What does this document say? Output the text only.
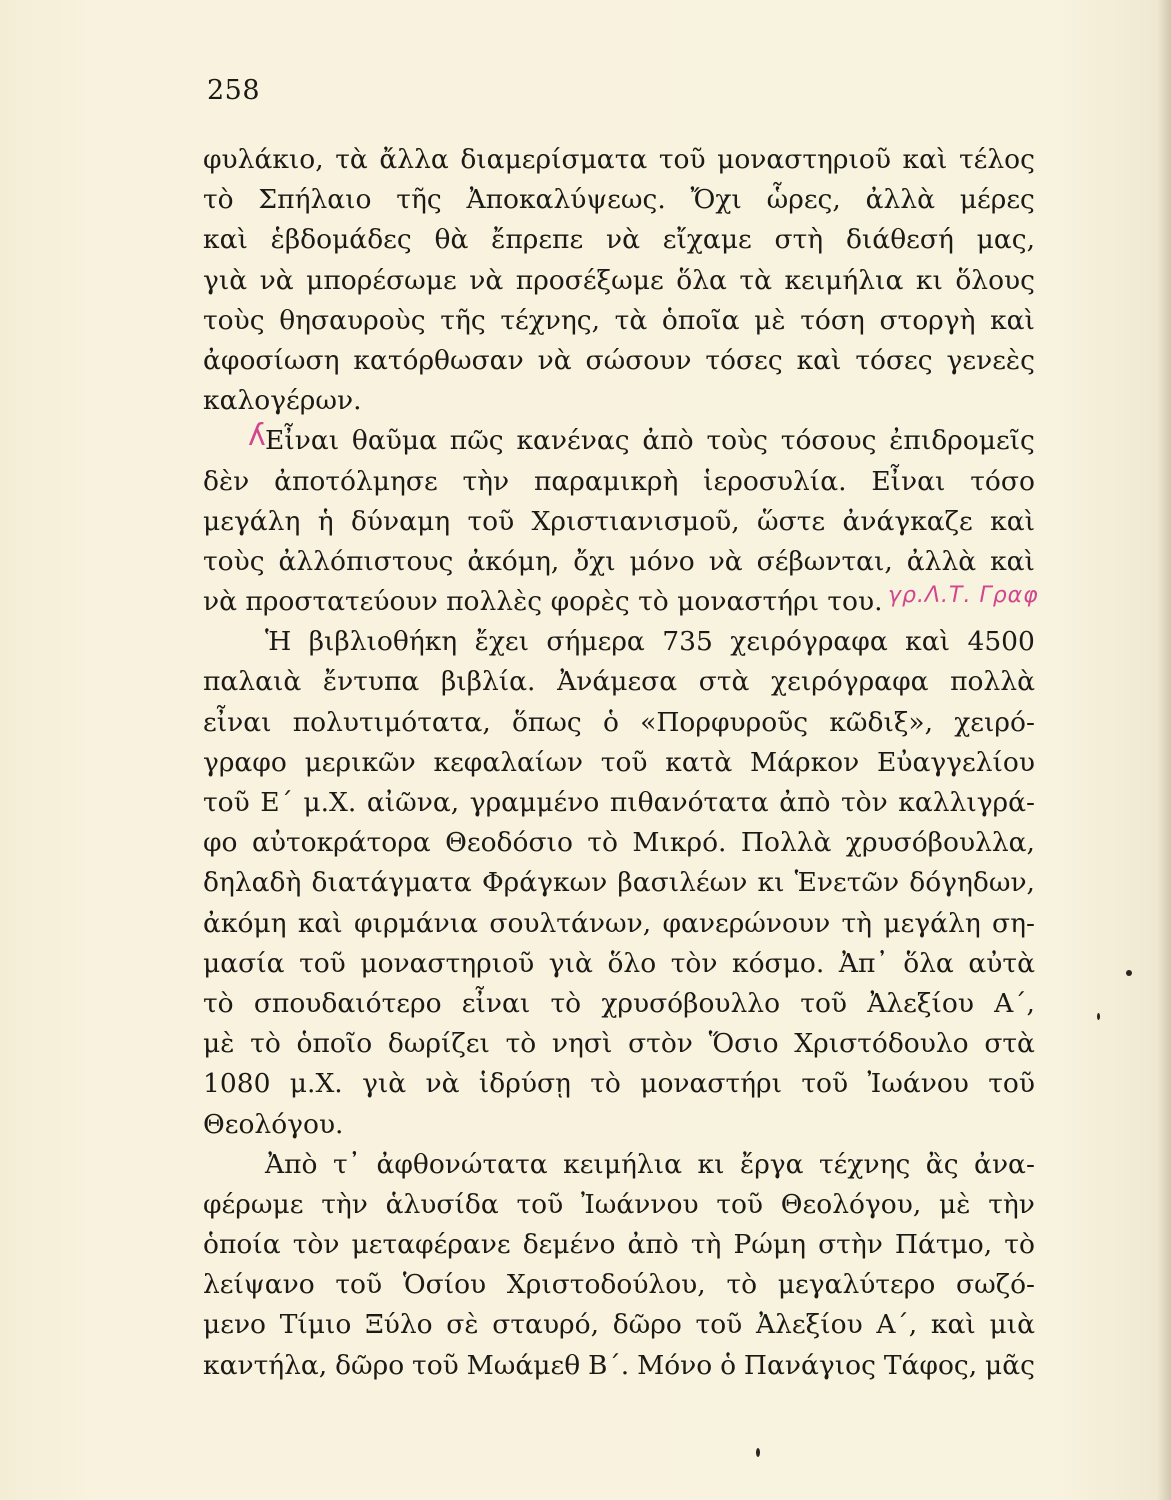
258
φυλάκιο, τὰ ἄλλα διαμερίσματα τοῦ μοναστηριοῦ καὶ τέλος
τὸ Σπήλαιο τῆς Ἀποκαλύψεως. Ὄχι ὧρες, ἀλλὰ μέρες
καὶ ἑβδομάδες θὰ ἔπρεπε νὰ εἴχαμε στὴ διάθεσή μας,
γιὰ νὰ μπορέσωμε νὰ προσέξωμε ὅλα τὰ κειμήλια κι ὅλους
τοὺς θησαυροὺς τῆς τέχνης, τὰ ὁποῖα μὲ τόση στοργὴ καὶ
ἀφοσίωση κατόρθωσαν νὰ σώσουν τόσες καὶ τόσες γενεὲς
καλογέρων.
Εἶναι θαῦμα πῶς κανένας ἀπὸ τοὺς τόσους ἐπιδρομεῖς
δὲν ἀποτόλμησε τὴν παραμικρὴ ἱεροσυλία. Εἶναι τόσο
μεγάλη ἡ δύναμη τοῦ Χριστιανισμοῦ, ὥστε ἀνάγκαζε καὶ
τοὺς ἀλλόπιστους ἀκόμη, ὄχι μόνο νὰ σέβωνται, ἀλλὰ καὶ
νὰ προστατεύουν πολλὲς φορὲς τὸ μοναστήρι του.
Ἡ βιβλιοθήκη ἔχει σήμερα 735 χειρόγραφα καὶ 4500
παλαιὰ ἔντυπα βιβλία. Ἀνάμεσα στὰ χειρόγραφα πολλὰ
εἶναι πολυτιμότατα, ὅπως ὁ «Πορφυροῦς κῶδιξ», χειρό-
γραφο μερικῶν κεφαλαίων τοῦ κατὰ Μάρκον Εὐαγγελίου
τοῦ Ε΄ μ.Χ. αἰῶνα, γραμμένο πιθανότατα ἀπὸ τὸν καλλιγρά-
φο αὐτοκράτορα Θεοδόσιο τὸ Μικρό. Πολλὰ χρυσόβουλλα,
δηλαδὴ διατάγματα Φράγκων βασιλέων κι Ἑνετῶν δόγηδων,
ἀκόμη καὶ φιρμάνια σουλτάνων, φανερώνουν τὴ μεγάλη ση-
μασία τοῦ μοναστηριοῦ γιὰ ὅλο τὸν κόσμο. Ἀπ᾽ ὅλα αὐτὰ
τὸ σπουδαιότερο εἶναι τὸ χρυσόβουλλο τοῦ Ἀλεξίου Α΄,
μὲ τὸ ὁποῖο δωρίζει τὸ νησὶ στὸν Ὅσιο Χριστόδουλο στὰ
1080 μ.Χ. γιὰ νὰ ἱδρύσῃ τὸ μοναστήρι τοῦ Ἰωάνου τοῦ
Θεολόγου.
Ἀπὸ τ᾽ ἀφθονώτατα κειμήλια κι ἔργα τέχνης ἂς ἀνα-
φέρωμε τὴν ἁλυσίδα τοῦ Ἰωάννου τοῦ Θεολόγου, μὲ τὴν
ὁποία τὸν μεταφέρανε δεμένο ἀπὸ τὴ Ρώμη στὴν Πάτμο, τὸ
λείψανο τοῦ Ὁσίου Χριστοδούλου, τὸ μεγαλύτερο σωζό-
μενο Τίμιο Ξύλο σὲ σταυρό, δῶρο τοῦ Ἀλεξίου Α΄, καὶ μιὰ
καντήλα, δῶρο τοῦ Μωάμεθ Β΄. Μόνο ὁ Πανάγιος Τάφος, μᾶς
ʎ
γρ.Λ.Τ. Γραφ
